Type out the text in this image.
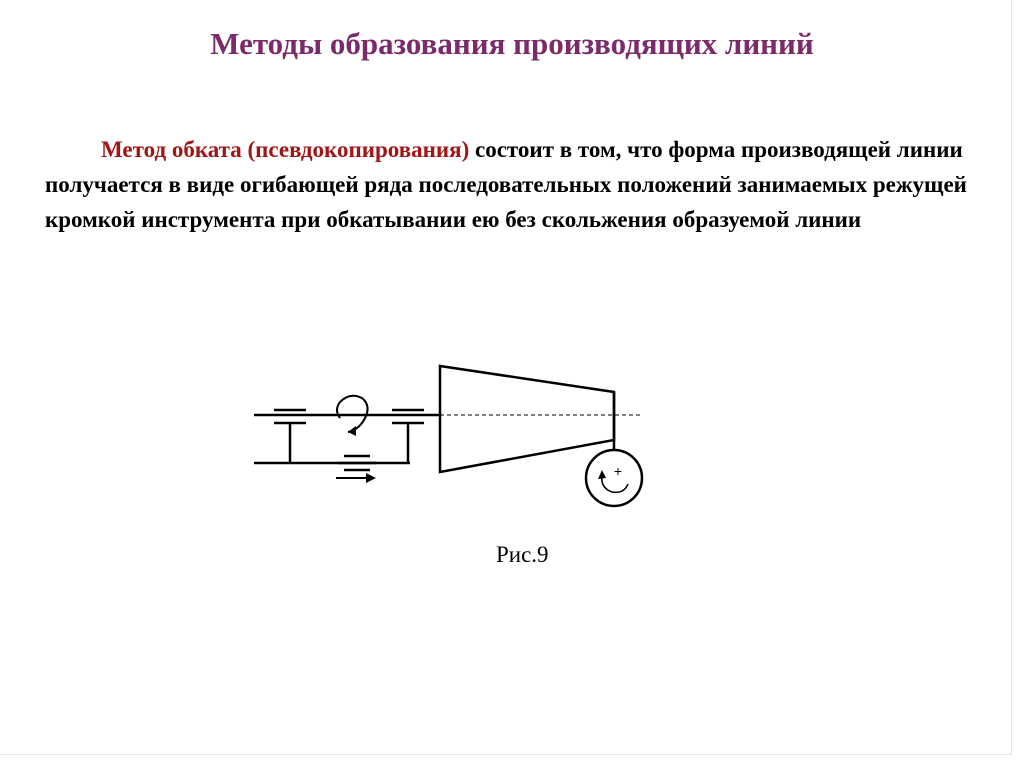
Методы образования производящих линий

Метод обката (псевдокопирования) состоит в том, что форма производящей линии получается в виде огибающей ряда последовательных положений занимаемых режущей кромкой инструмента при обкатывании ею без скольжения образуемой линии

+
Рис.9
